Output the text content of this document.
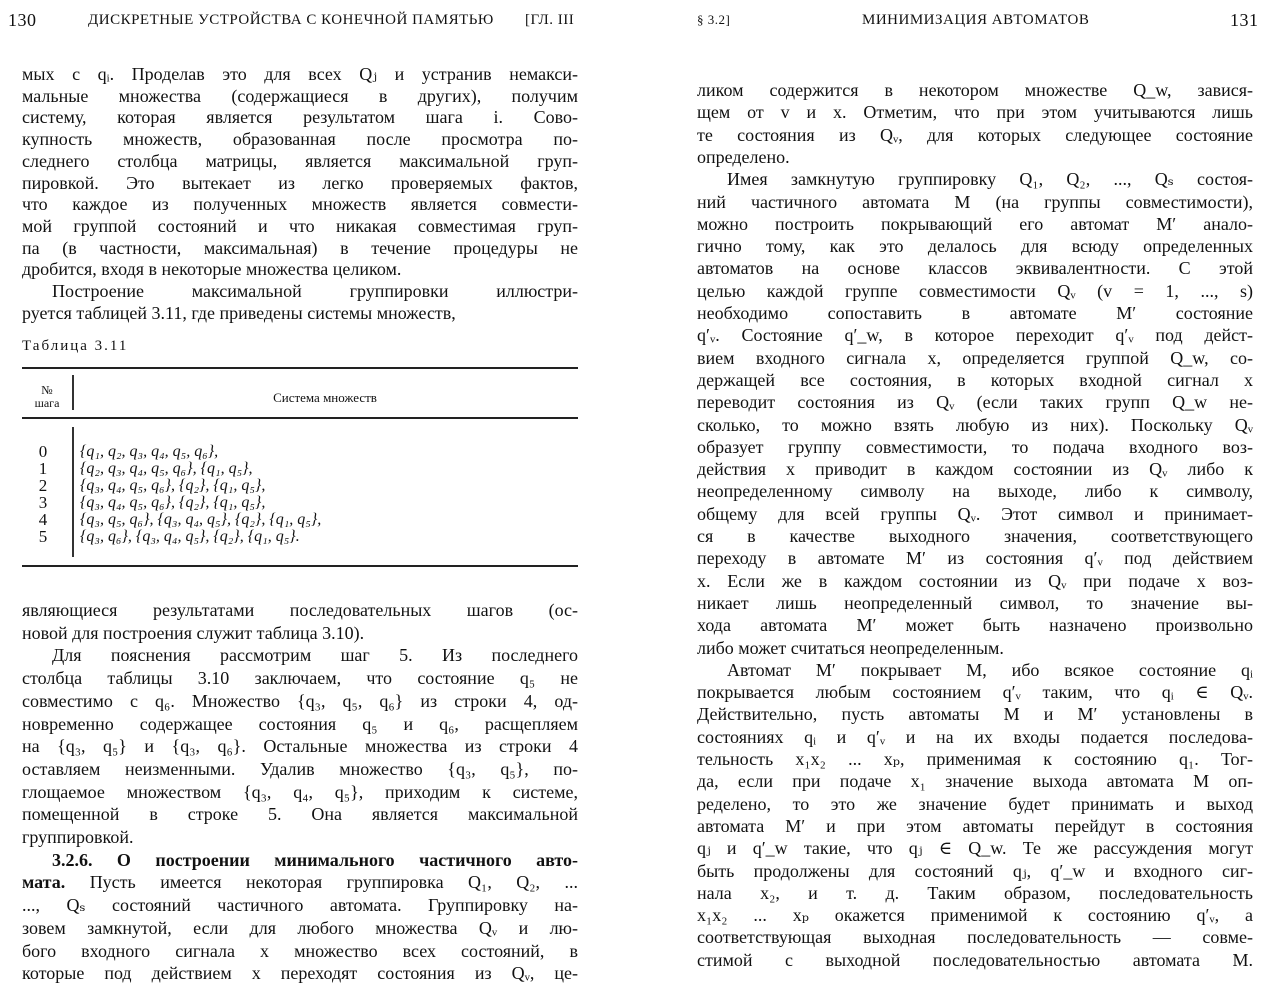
130	ДИСКРЕТНЫЕ УСТРОЙСТВА С КОНЕЧНОЙ ПАМЯТЬЮ [ГЛ. III
мых с qᵢ. Проделав это для всех Qⱼ и устранив немакси-
мальные множества (содержащиеся в других), получим
систему, которая является результатом шага i. Сово-
купность множеств, образованная после просмотра по-
следнего столбца матрицы, является максимальной груп-
пировкой. Это вытекает из легко проверяемых фактов,
что каждое из полученных множеств является совмести-
мой группой состояний и что никакая совместимая груп-
па (в частности, максимальная) в течение процедуры не
дробится, входя в некоторые множества целиком.
Построение максимальной группировки иллюстри-
руется таблицей 3.11, где приведены системы множеств,
Таблица 3.11
№ шага	Система множеств
0 {q₁, q₂, q₃, q₄, q₅, q₆},
1 {q₂, q₃, q₄, q₅, q₆}, {q₁, q₅},
2 {q₃, q₄, q₅, q₆}, {q₂}, {q₁, q₅},
3 {q₃, q₄, q₅, q₆}, {q₂}, {q₁, q₅},
4 {q₃, q₅, q₆}, {q₃, q₄, q₅}, {q₂}, {q₁, q₅},
5 {q₃, q₆}, {q₃, q₄, q₅}, {q₂}, {q₁, q₅}.
являющиеся результатами последовательных шагов (ос-
новой для построения служит таблица 3.10).
Для пояснения рассмотрим шаг 5. Из последнего
столбца таблицы 3.10 заключаем, что состояние q₅ не
совместимо с q₆. Множество {q₃, q₅, q₆} из строки 4, од-
новременно содержащее состояния q₅ и q₆, расщепляем
на {q₃, q₅} и {q₃, q₆}. Остальные множества из строки 4
оставляем неизменными. Удалив множество {q₃, q₅}, по-
глощаемое множеством {q₃, q₄, q₅}, приходим к системе,
помещенной в строке 5. Она является максимальной
группировкой.
3.2.6. О построении минимального частичного авто-
мата. Пусть имеется некоторая группировка Q₁, Q₂, ...
..., Qₛ состояний частичного автомата. Группировку на-
зовем замкнутой, если для любого множества Qᵥ и лю-
бого входного сигнала x множество всех состояний, в
которые под действием x переходят состояния из Qᵥ, це-
§ 3.2]	МИНИМИЗАЦИЯ АВТОМАТОВ	131
ликом содержится в некотором множестве Q_w, завися-
щем от v и x. Отметим, что при этом учитываются лишь
те состояния из Qᵥ, для которых следующее состояние
определено.
Имея замкнутую группировку Q₁, Q₂, ..., Qₛ состоя-
ний частичного автомата M (на группы совместимости),
можно построить покрывающий его автомат M′ анало-
гично тому, как это делалось для всюду определенных
автоматов на основе классов эквивалентности. С этой
целью каждой группе совместимости Qᵥ (v = 1, ..., s)
необходимо сопоставить в автомате M′ состояние
q′ᵥ. Состояние q′_w, в которое переходит q′ᵥ под дейст-
вием входного сигнала x, определяется группой Q_w, со-
держащей все состояния, в которых входной сигнал x
переводит состояния из Qᵥ (если таких групп Q_w не-
сколько, то можно взять любую из них). Поскольку Qᵥ
образует группу совместимости, то подача входного воз-
действия x приводит в каждом состоянии из Qᵥ либо к
неопределенному символу на выходе, либо к символу,
общему для всей группы Qᵥ. Этот символ и принимает-
ся в качестве выходного значения, соответствующего
переходу в автомате M′ из состояния q′ᵥ под действием
x. Если же в каждом состоянии из Qᵥ при подаче x воз-
никает лишь неопределенный символ, то значение вы-
хода автомата M′ может быть назначено произвольно
либо может считаться неопределенным.
Автомат M′ покрывает M, ибо всякое состояние qᵢ
покрывается любым состоянием q′ᵥ таким, что qᵢ ∈ Qᵥ.
Действительно, пусть автоматы M и M′ установлены в
состояниях qᵢ и q′ᵥ и на их входы подается последова-
тельность x₁x₂ ... xₚ, применимая к состоянию q₁. Тог-
да, если при подаче x₁ значение выхода автомата M оп-
ределено, то это же значение будет принимать и выход
автомата M′ и при этом автоматы перейдут в состояния
qⱼ и q′_w такие, что qⱼ ∈ Q_w. Те же рассуждения могут
быть продолжены для состояний qⱼ, q′_w и входного сиг-
нала x₂, и т. д. Таким образом, последовательность
x₁x₂ ... xₚ окажется применимой к состоянию q′ᵥ, а
соответствующая выходная последовательность — совме-
стимой с выходной последовательностью автомата M.
